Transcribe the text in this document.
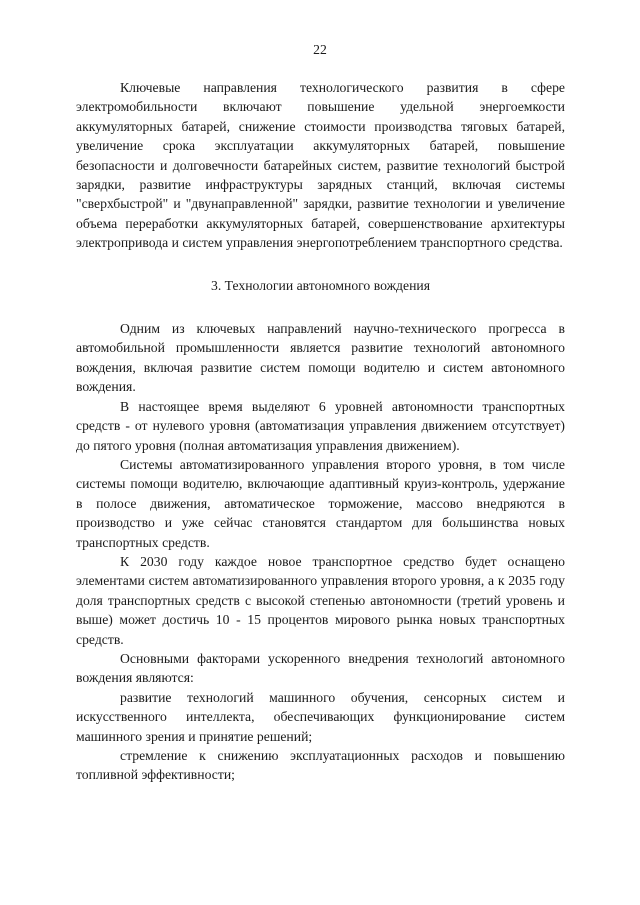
22

Ключевые направления технологического развития в сфере электромобильности включают повышение удельной энергоемкости аккумуляторных батарей, снижение стоимости производства тяговых батарей, увеличение срока эксплуатации аккумуляторных батарей, повышение безопасности и долговечности батарейных систем, развитие технологий быстрой зарядки, развитие инфраструктуры зарядных станций, включая системы "сверхбыстрой" и "двунаправленной" зарядки, развитие технологии и увеличение объема переработки аккумуляторных батарей, совершенствование архитектуры электропривода и систем управления энергопотреблением транспортного средства.

3. Технологии автономного вождения

Одним из ключевых направлений научно-технического прогресса в автомобильной промышленности является развитие технологий автономного вождения, включая развитие систем помощи водителю и систем автономного вождения.

В настоящее время выделяют 6 уровней автономности транспортных средств - от нулевого уровня (автоматизация управления движением отсутствует) до пятого уровня (полная автоматизация управления движением).

Системы автоматизированного управления второго уровня, в том числе системы помощи водителю, включающие адаптивный круиз-контроль, удержание в полосе движения, автоматическое торможение, массово внедряются в производство и уже сейчас становятся стандартом для большинства новых транспортных средств.

К 2030 году каждое новое транспортное средство будет оснащено элементами систем автоматизированного управления второго уровня, а к 2035 году доля транспортных средств с высокой степенью автономности (третий уровень и выше) может достичь 10 - 15 процентов мирового рынка новых транспортных средств.

Основными факторами ускоренного внедрения технологий автономного вождения являются:

развитие технологий машинного обучения, сенсорных систем и искусственного интеллекта, обеспечивающих функционирование систем машинного зрения и принятие решений;

стремление к снижению эксплуатационных расходов и повышению топливной эффективности;
